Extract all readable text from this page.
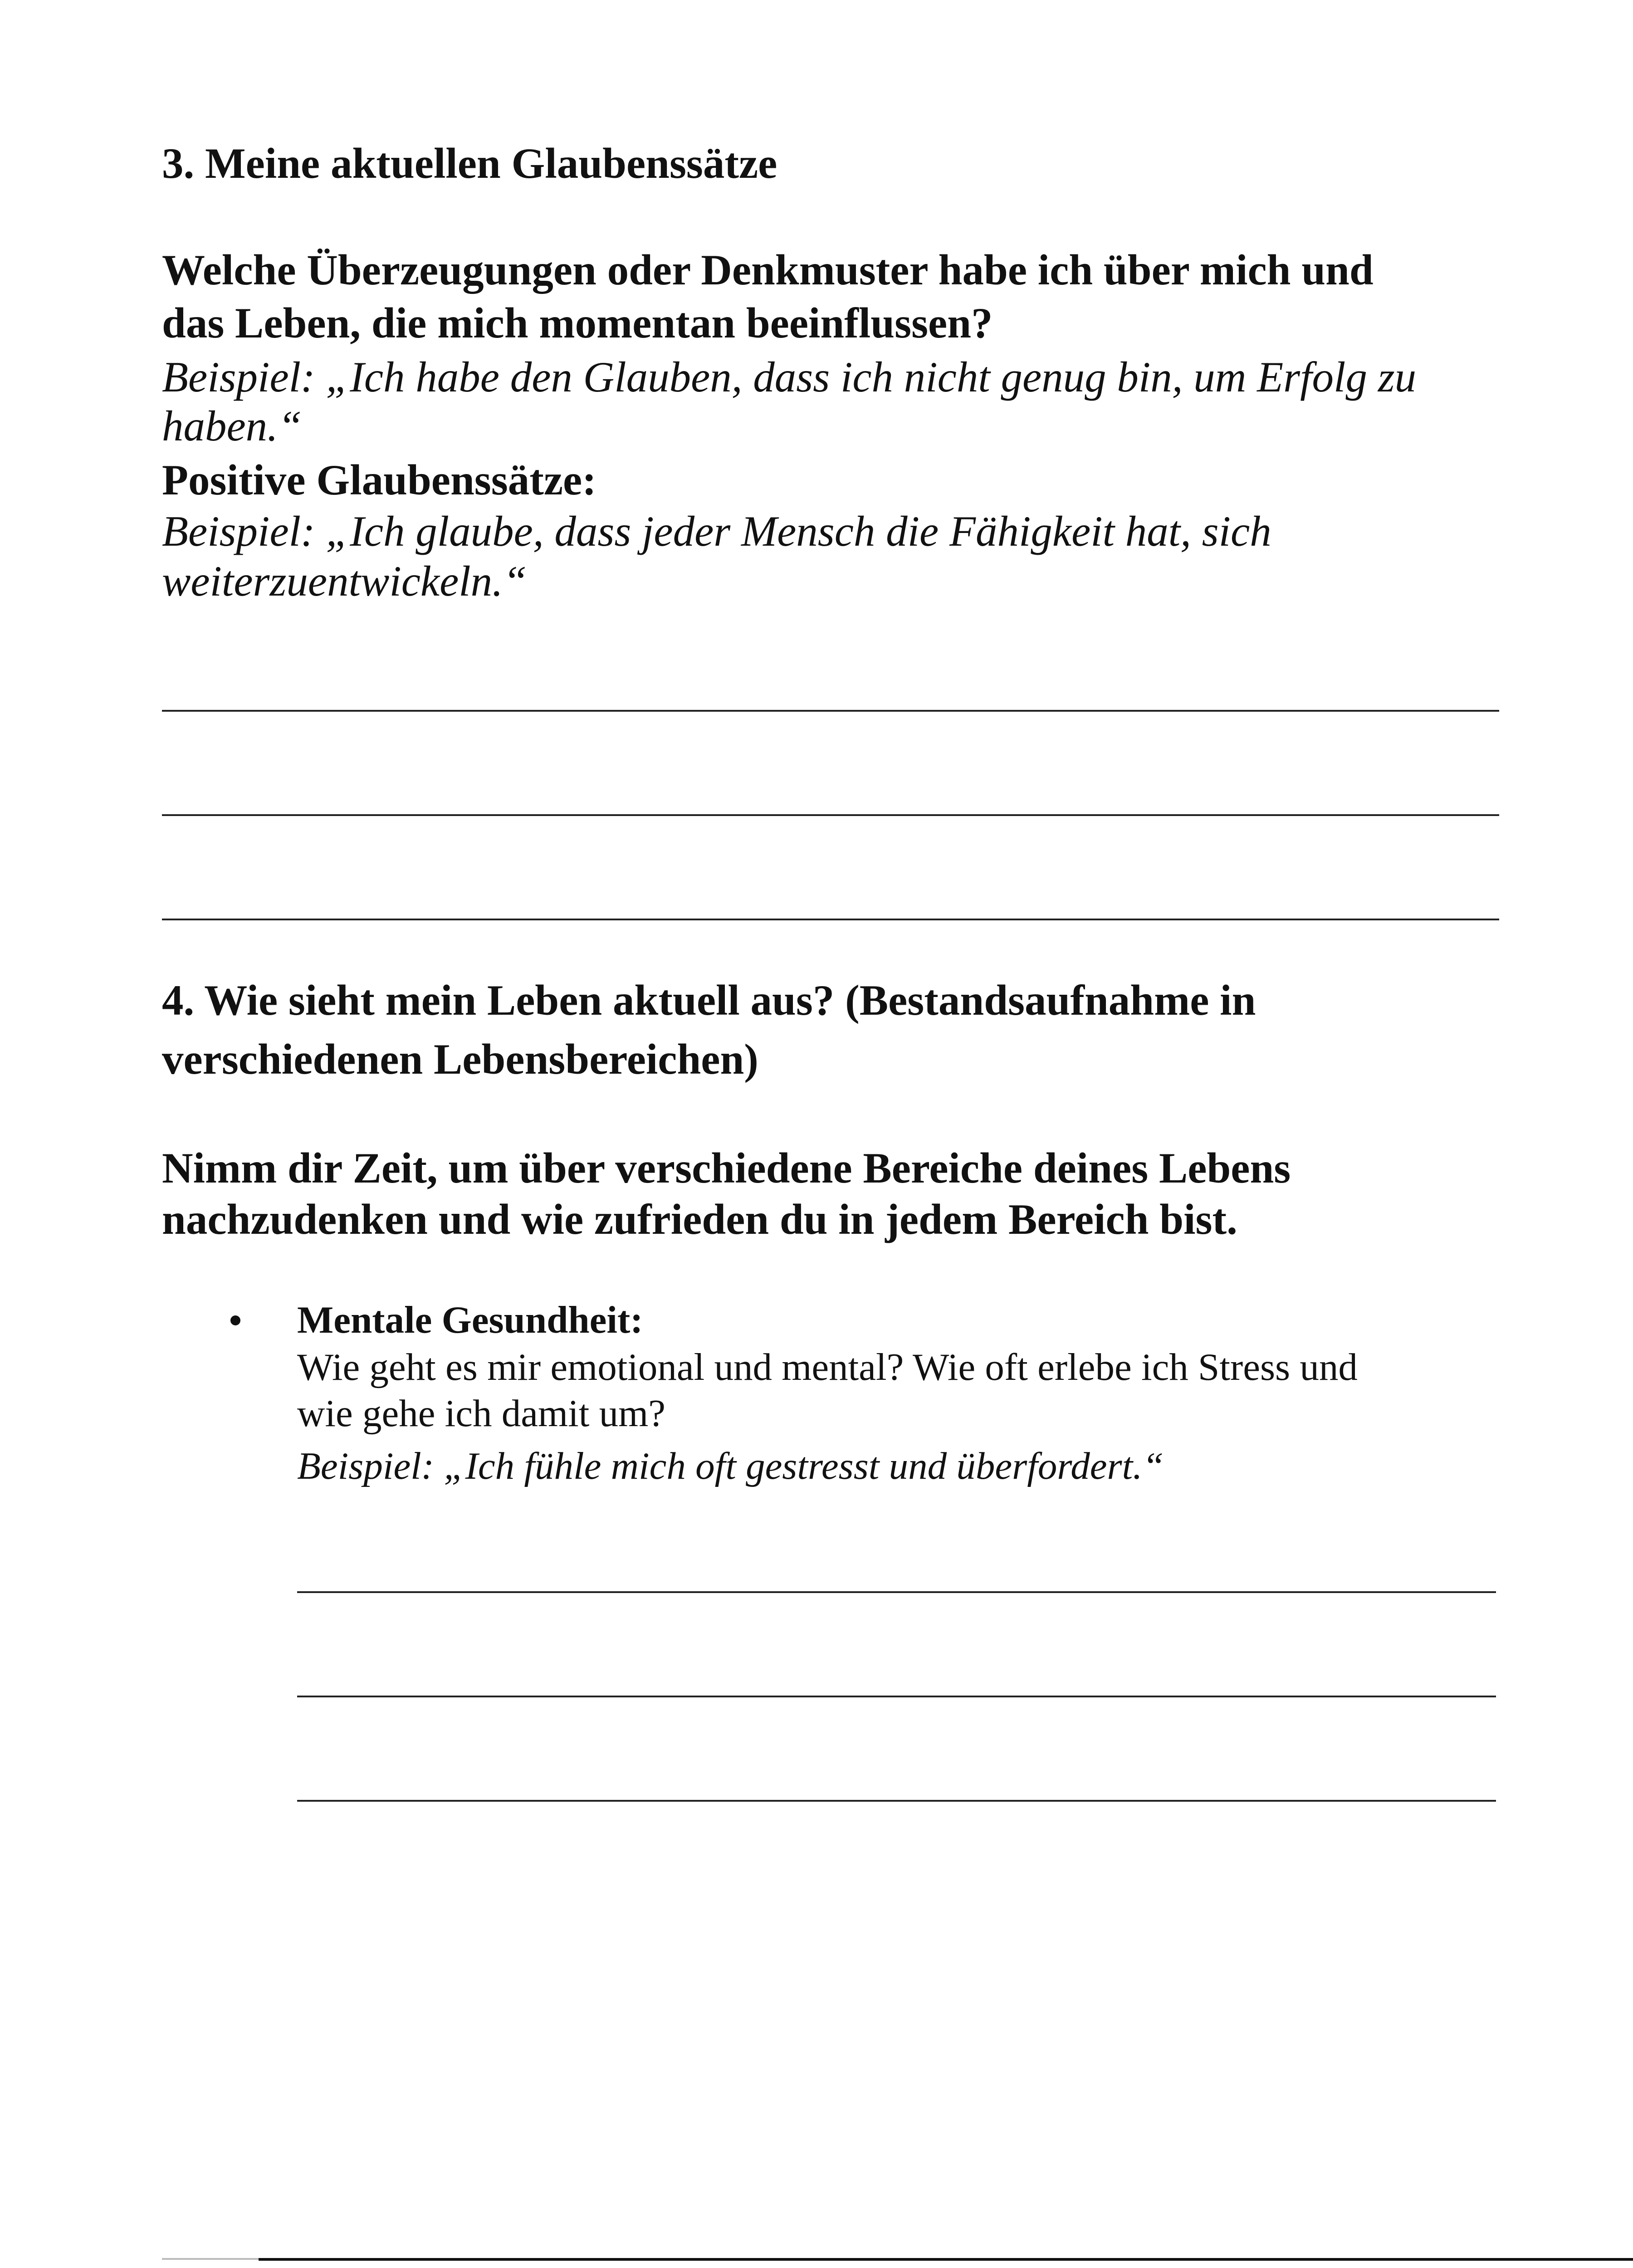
3. Meine aktuellen Glaubenssätze
Welche Überzeugungen oder Denkmuster habe ich über mich und
das Leben, die mich momentan beeinflussen?
Beispiel: „Ich habe den Glauben, dass ich nicht genug bin, um Erfolg zu
haben.“
Positive Glaubenssätze:
Beispiel: „Ich glaube, dass jeder Mensch die Fähigkeit hat, sich
weiterzuentwickeln.“
4. Wie sieht mein Leben aktuell aus? (Bestandsaufnahme in
verschiedenen Lebensbereichen)
Nimm dir Zeit, um über verschiedene Bereiche deines Lebens
nachzudenken und wie zufrieden du in jedem Bereich bist.
Mentale Gesundheit:
Wie geht es mir emotional und mental? Wie oft erlebe ich Stress und
wie gehe ich damit um?
Beispiel: „Ich fühle mich oft gestresst und überfordert.“
